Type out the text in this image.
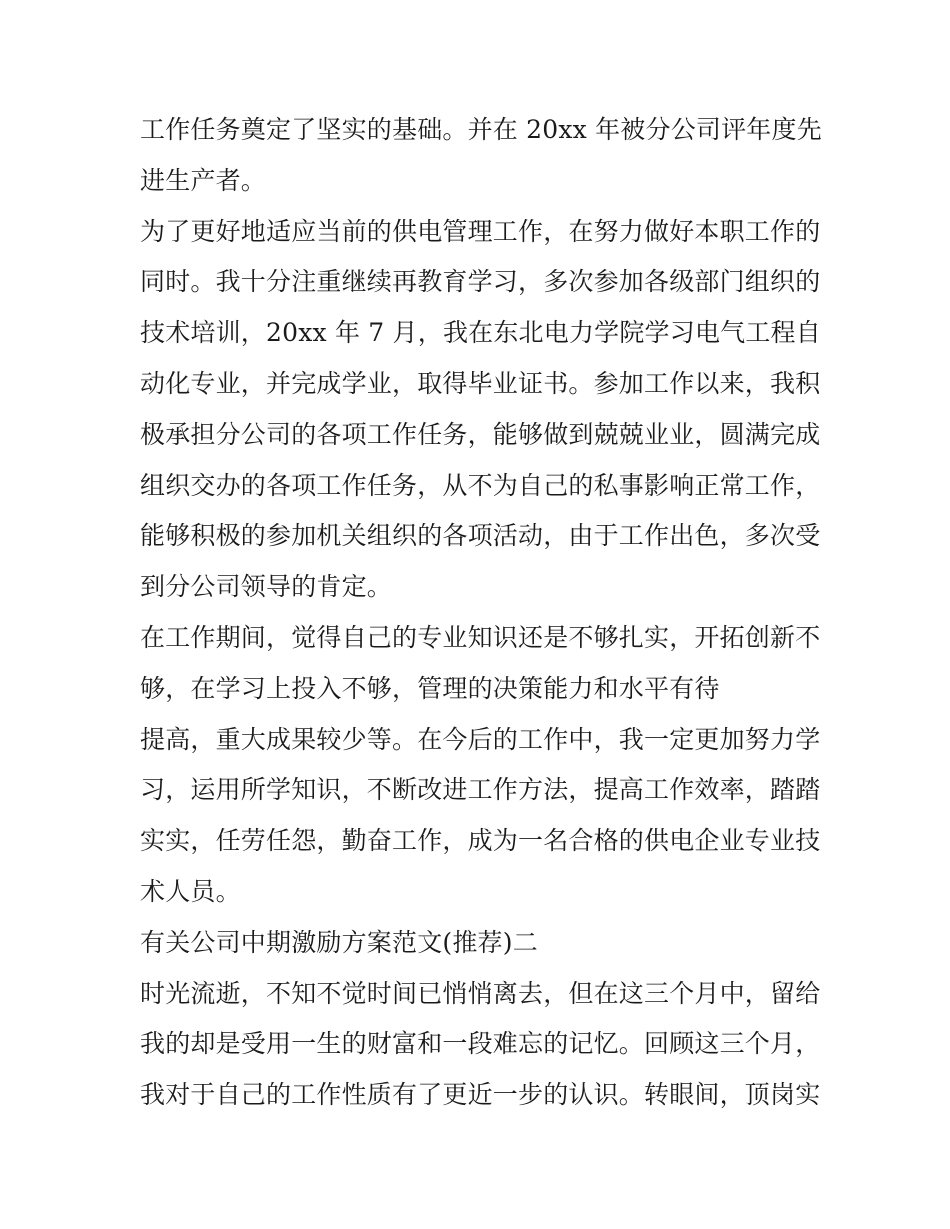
工作任务奠定了坚实的基础。并在 20xx 年被分公司评年度先
进生产者。
为了更好地适应当前的供电管理工作，在努力做好本职工作的
同时。我十分注重继续再教育学习，多次参加各级部门组织的
技术培训，20xx 年 7 月，我在东北电力学院学习电气工程自
动化专业，并完成学业，取得毕业证书。参加工作以来，我积
极承担分公司的各项工作任务，能够做到兢兢业业，圆满完成
组织交办的各项工作任务，从不为自己的私事影响正常工作，
能够积极的参加机关组织的各项活动，由于工作出色，多次受
到分公司领导的肯定。
在工作期间，觉得自己的专业知识还是不够扎实，开拓创新不
够，在学习上投入不够，管理的决策能力和水平有待
提高，重大成果较少等。在今后的工作中，我一定更加努力学
习，运用所学知识，不断改进工作方法，提高工作效率，踏踏
实实，任劳任怨，勤奋工作，成为一名合格的供电企业专业技
术人员。
有关公司中期激励方案范文(推荐)二
时光流逝，不知不觉时间已悄悄离去，但在这三个月中，留给
我的却是受用一生的财富和一段难忘的记忆。回顾这三个月，
我对于自己的工作性质有了更近一步的认识。转眼间，顶岗实
